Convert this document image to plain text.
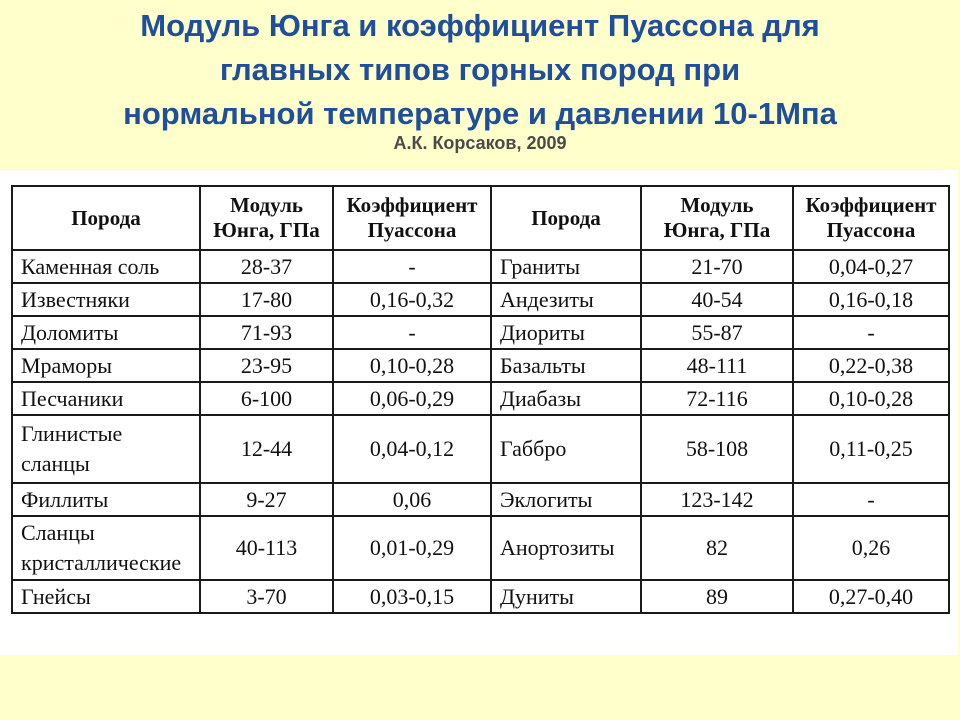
Модуль Юнга и коэффициент Пуассона для
главных типов горных пород при
нормальной температуре и давлении 10-1Мпа
А.К. Корсаков, 2009
Порода	Модуль Юнга, ГПа	Коэффициент Пуассона	Порода	Модуль Юнга, ГПа	Коэффициент Пуассона
Каменная соль	28-37	-	Граниты	21-70	0,04-0,27
Известняки	17-80	0,16-0,32	Андезиты	40-54	0,16-0,18
Доломиты	71-93	-	Диориты	55-87	-
Мраморы	23-95	0,10-0,28	Базальты	48-111	0,22-0,38
Песчаники	6-100	0,06-0,29	Диабазы	72-116	0,10-0,28
Глинистые сланцы	12-44	0,04-0,12	Габбро	58-108	0,11-0,25
Филлиты	9-27	0,06	Эклогиты	123-142	-
Сланцы кристаллические	40-113	0,01-0,29	Анортозиты	82	0,26
Гнейсы	3-70	0,03-0,15	Дуниты	89	0,27-0,40
